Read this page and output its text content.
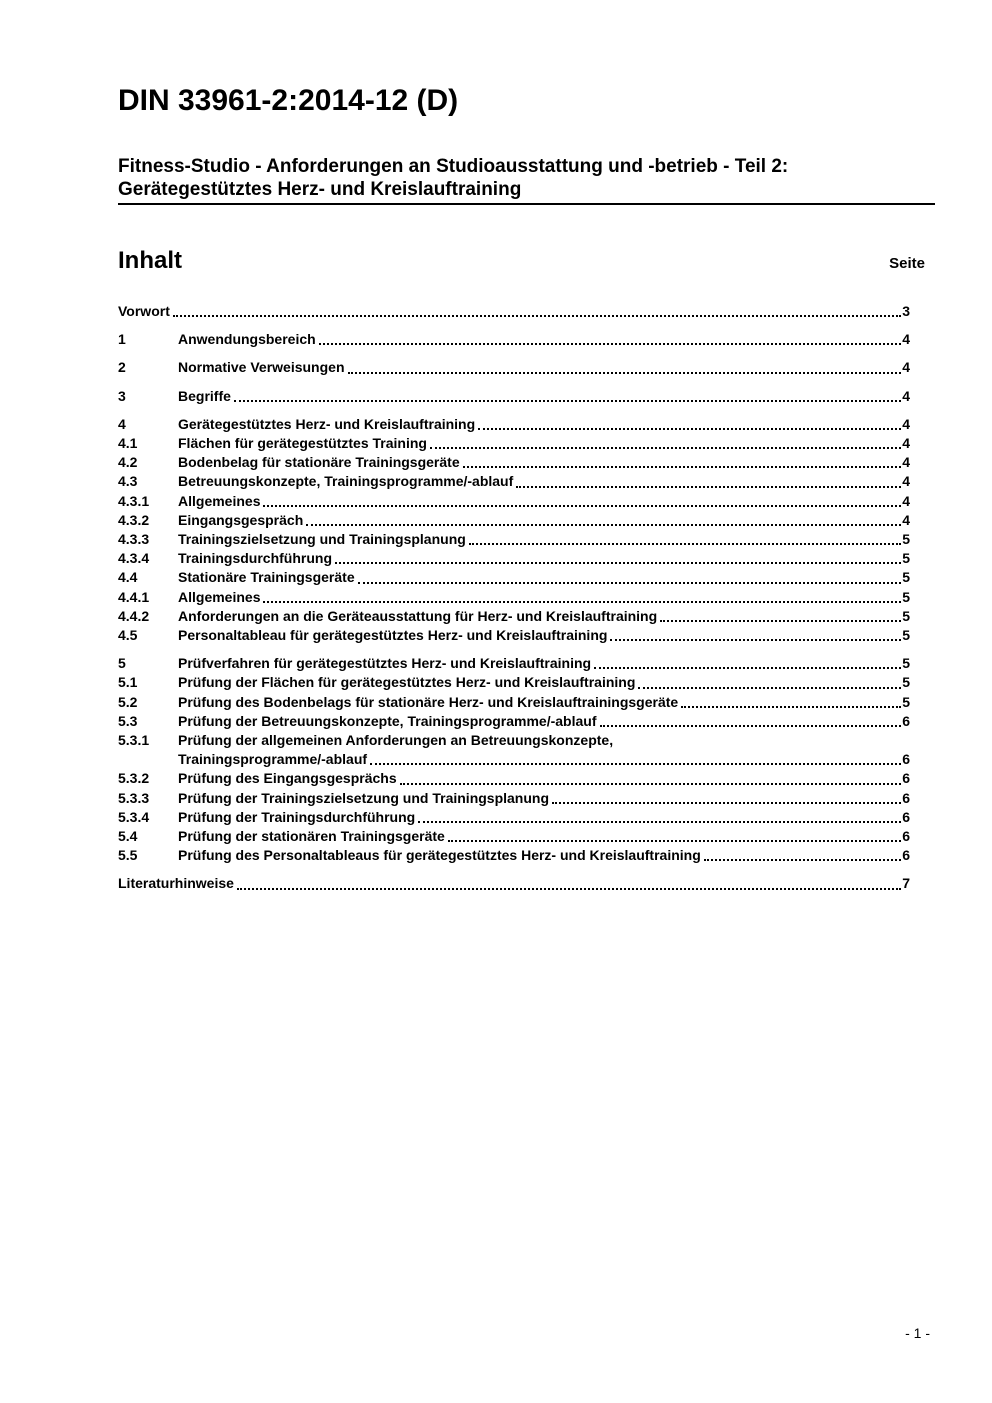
DIN 33961-2:2014-12 (D)
Fitness-Studio - Anforderungen an Studioausstattung und -betrieb - Teil 2:
Gerätegestütztes Herz- und Kreislauftraining
Inhalt	Seite
Vorwort	3
1	Anwendungsbereich	4
2	Normative Verweisungen	4
3	Begriffe	4
4	Gerätegestütztes Herz- und Kreislauftraining	4
4.1	Flächen für gerätegestütztes Training	4
4.2	Bodenbelag für stationäre Trainingsgeräte	4
4.3	Betreuungskonzepte, Trainingsprogramme/-ablauf	4
4.3.1	Allgemeines	4
4.3.2	Eingangsgespräch	4
4.3.3	Trainingszielsetzung und Trainingsplanung	5
4.3.4	Trainingsdurchführung	5
4.4	Stationäre Trainingsgeräte	5
4.4.1	Allgemeines	5
4.4.2	Anforderungen an die Geräteausstattung für Herz- und Kreislauftraining	5
4.5	Personaltableau für gerätegestütztes Herz- und Kreislauftraining	5
5	Prüfverfahren für gerätegestütztes Herz- und Kreislauftraining	5
5.1	Prüfung der Flächen für gerätegestütztes Herz- und Kreislauftraining	5
5.2	Prüfung des Bodenbelags für stationäre Herz- und Kreislauftrainingsgeräte	5
5.3	Prüfung der Betreuungskonzepte, Trainingsprogramme/-ablauf	6
5.3.1	Prüfung der allgemeinen Anforderungen an Betreuungskonzepte,
Trainingsprogramme/-ablauf	6
5.3.2	Prüfung des Eingangsgesprächs	6
5.3.3	Prüfung der Trainingszielsetzung und Trainingsplanung	6
5.3.4	Prüfung der Trainingsdurchführung	6
5.4	Prüfung der stationären Trainingsgeräte	6
5.5	Prüfung des Personaltableaus für gerätegestütztes Herz- und Kreislauftraining	6
Literaturhinweise	7
- 1 -
